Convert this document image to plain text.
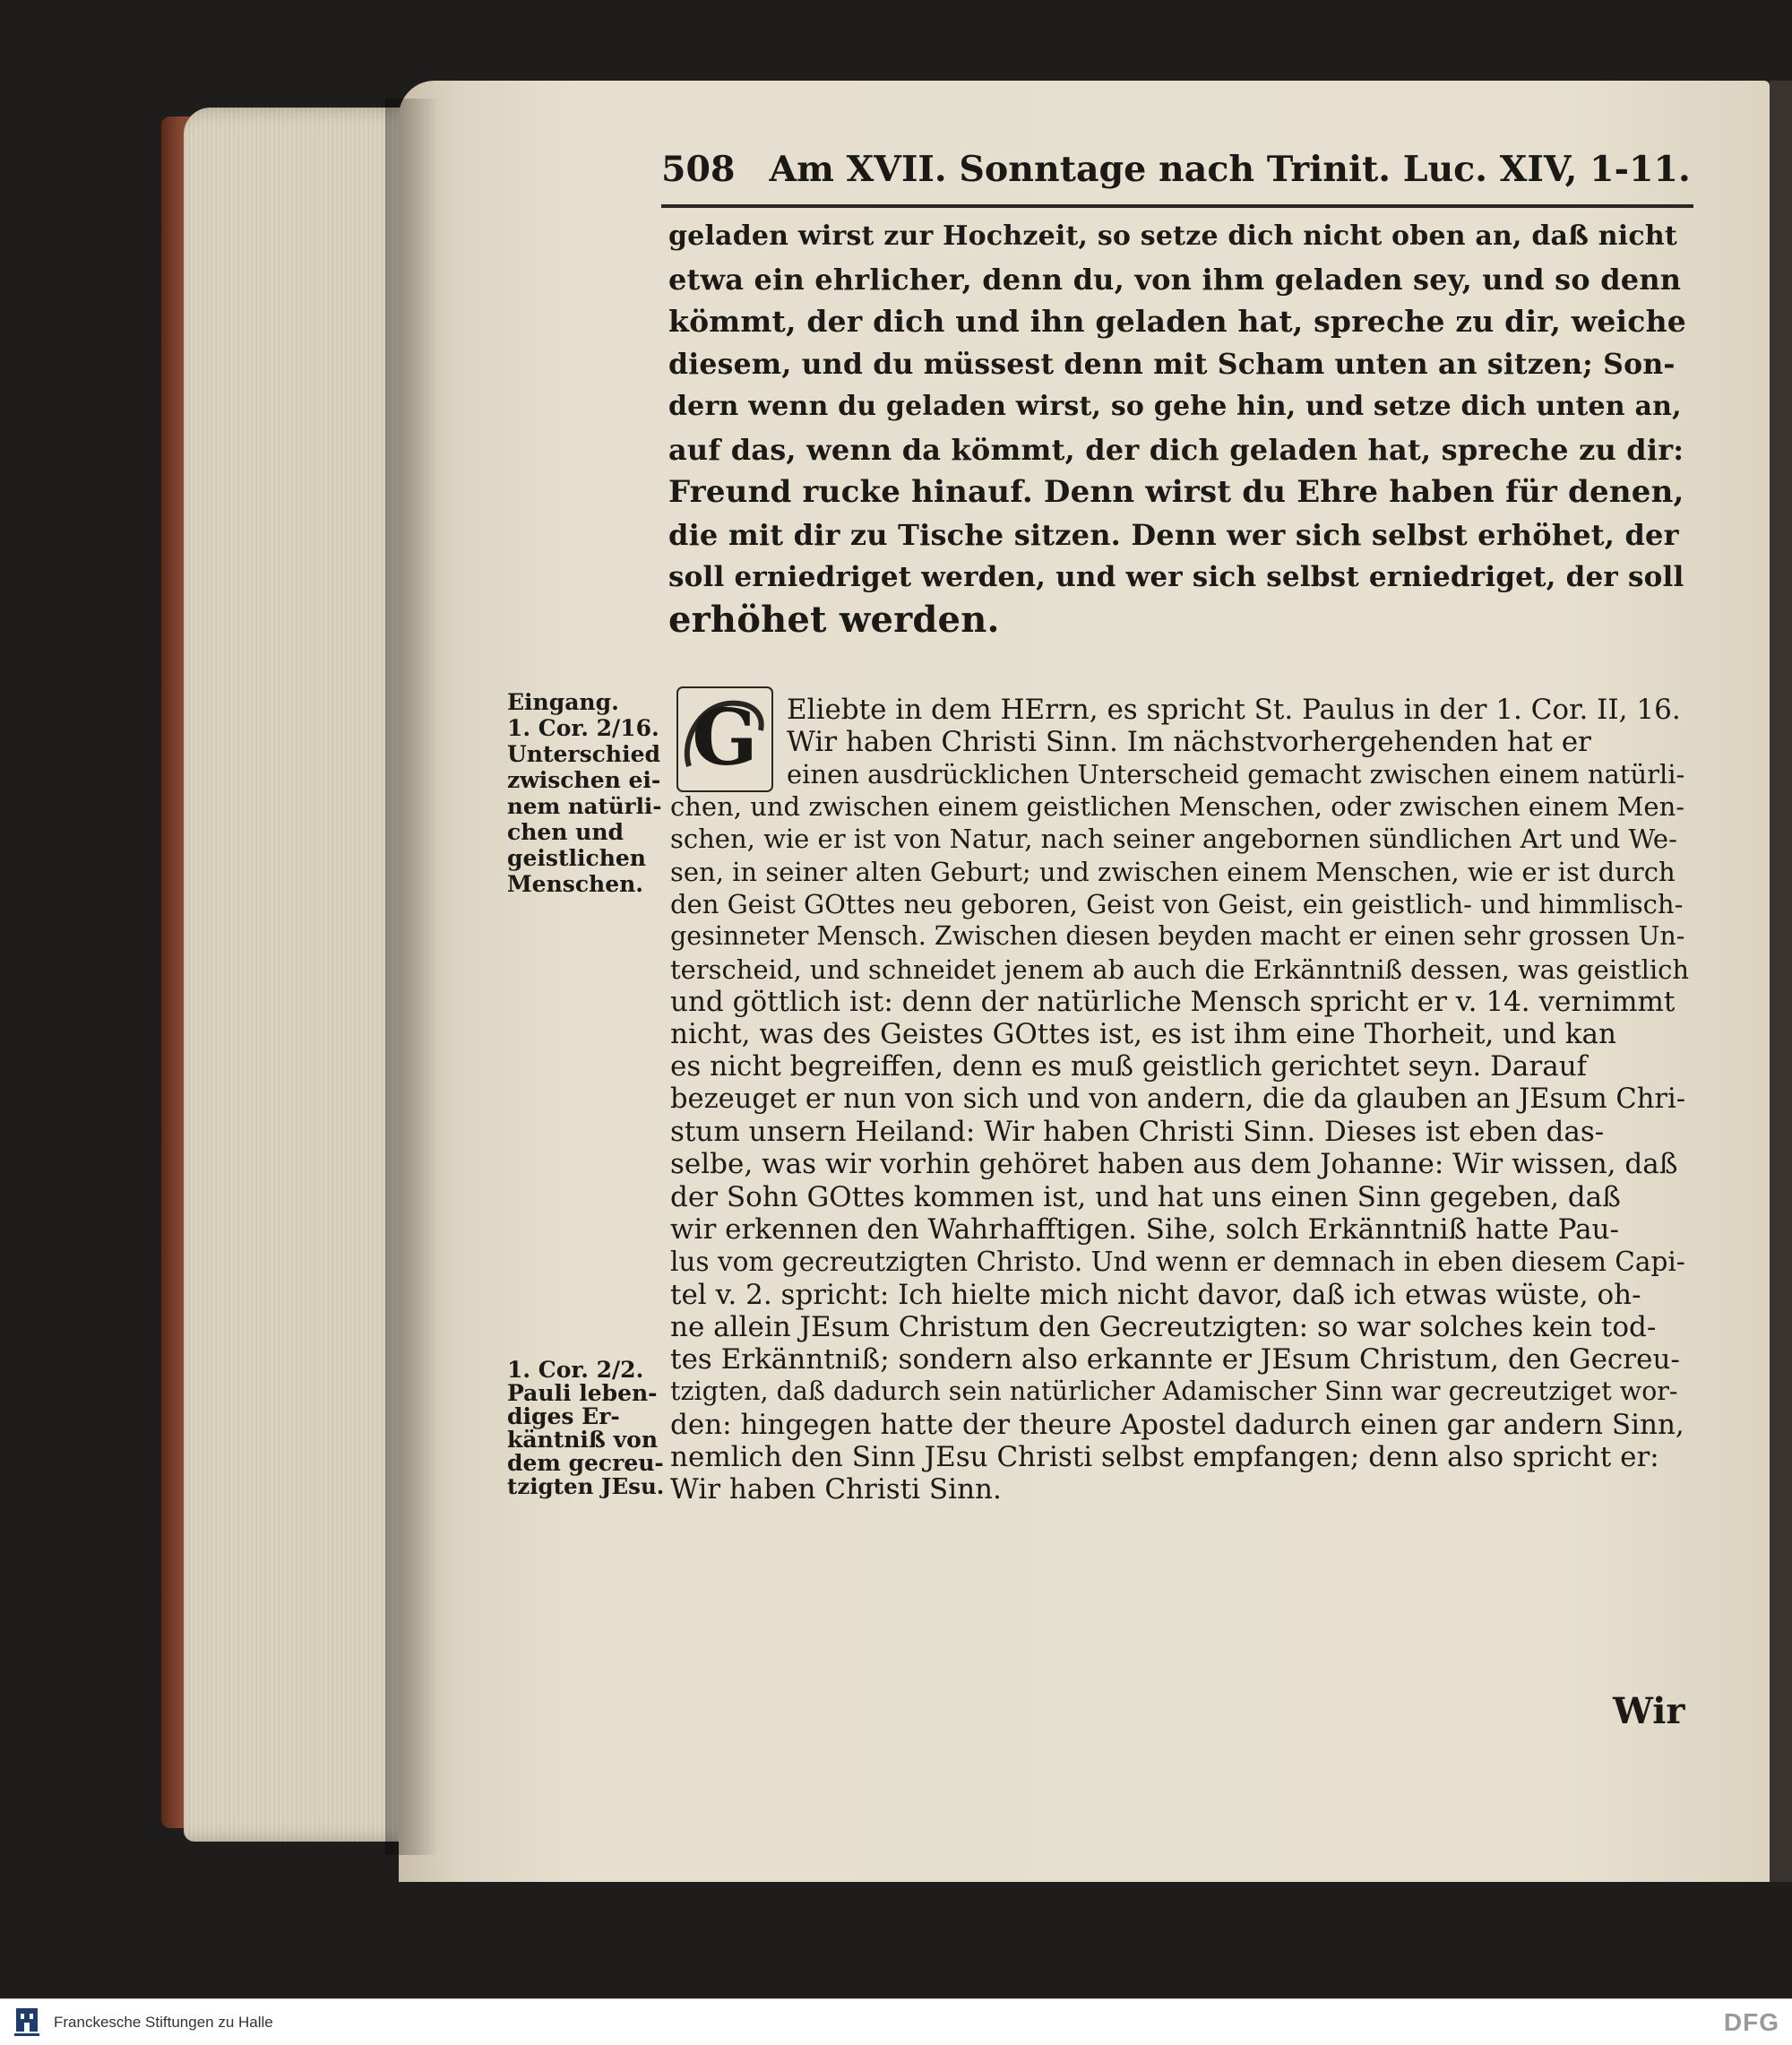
508 Am XVII. Sonntage nach Trinit. Luc. XIV, 1-11.
geladen wirst zur Hochzeit, so setze dich nicht oben an, daß nicht
etwa ein ehrlicher, denn du, von ihm geladen sey, und so denn
kömmt, der dich und ihn geladen hat, spreche zu dir, weiche
diesem, und du müssest denn mit Scham unten an sitzen; Son-
dern wenn du geladen wirst, so gehe hin, und setze dich unten an,
auf das, wenn da kömmt, der dich geladen hat, spreche zu dir:
Freund rucke hinauf. Denn wirst du Ehre haben für denen,
die mit dir zu Tische sitzen. Denn wer sich selbst erhöhet, der
soll erniedriget werden, und wer sich selbst erniedriget, der soll
erhöhet werden.
G Eliebte in dem HErrn, es spricht St. Paulus in der 1. Cor. II, 16.
Wir haben Christi Sinn. Im nächstvorhergehenden hat er
einen ausdrücklichen Unterscheid gemacht zwischen einem natürli-
chen, und zwischen einem geistlichen Menschen, oder zwischen einem Men-
schen, wie er ist von Natur, nach seiner angebornen sündlichen Art und We-
sen, in seiner alten Geburt; und zwischen einem Menschen, wie er ist durch
den Geist GOttes neu geboren, Geist von Geist, ein geistlich- und himmlisch-
gesinneter Mensch. Zwischen diesen beyden macht er einen sehr grossen Un-
terscheid, und schneidet jenem ab auch die Erkänntniß dessen, was geistlich
und göttlich ist: denn der natürliche Mensch spricht er v. 14. vernimmt
nicht, was des Geistes GOttes ist, es ist ihm eine Thorheit, und kan
es nicht begreiffen, denn es muß geistlich gerichtet seyn. Darauf
bezeuget er nun von sich und von andern, die da glauben an JEsum Chri-
stum unsern Heiland: Wir haben Christi Sinn. Dieses ist eben das-
selbe, was wir vorhin gehöret haben aus dem Johanne: Wir wissen, daß
der Sohn GOttes kommen ist, und hat uns einen Sinn gegeben, daß
wir erkennen den Wahrhafftigen. Sihe, solch Erkänntniß hatte Pau-
lus vom gecreutzigten Christo. Und wenn er demnach in eben diesem Capi-
tel v. 2. spricht: Ich hielte mich nicht davor, daß ich etwas wüste, oh-
ne allein JEsum Christum den Gecreutzigten: so war solches kein tod-
tes Erkänntniß; sondern also erkannte er JEsum Christum, den Gecreu-
tzigten, daß dadurch sein natürlicher Adamischer Sinn war gecreutziget wor-
den: hingegen hatte der theure Apostel dadurch einen gar andern Sinn,
nemlich den Sinn JEsu Christi selbst empfangen; denn also spricht er:
Wir haben Christi Sinn.
Eingang.
1. Cor. 2/16.
Unterschied
zwischen ei-
nem natürli-
chen und
geistlichen
Menschen.
1. Cor. 2/2.
Pauli leben-
diges Er-
käntniß von
dem gecreu-
tzigten JEsu.
Wir
Franckesche Stiftungen zu Halle	DFG
